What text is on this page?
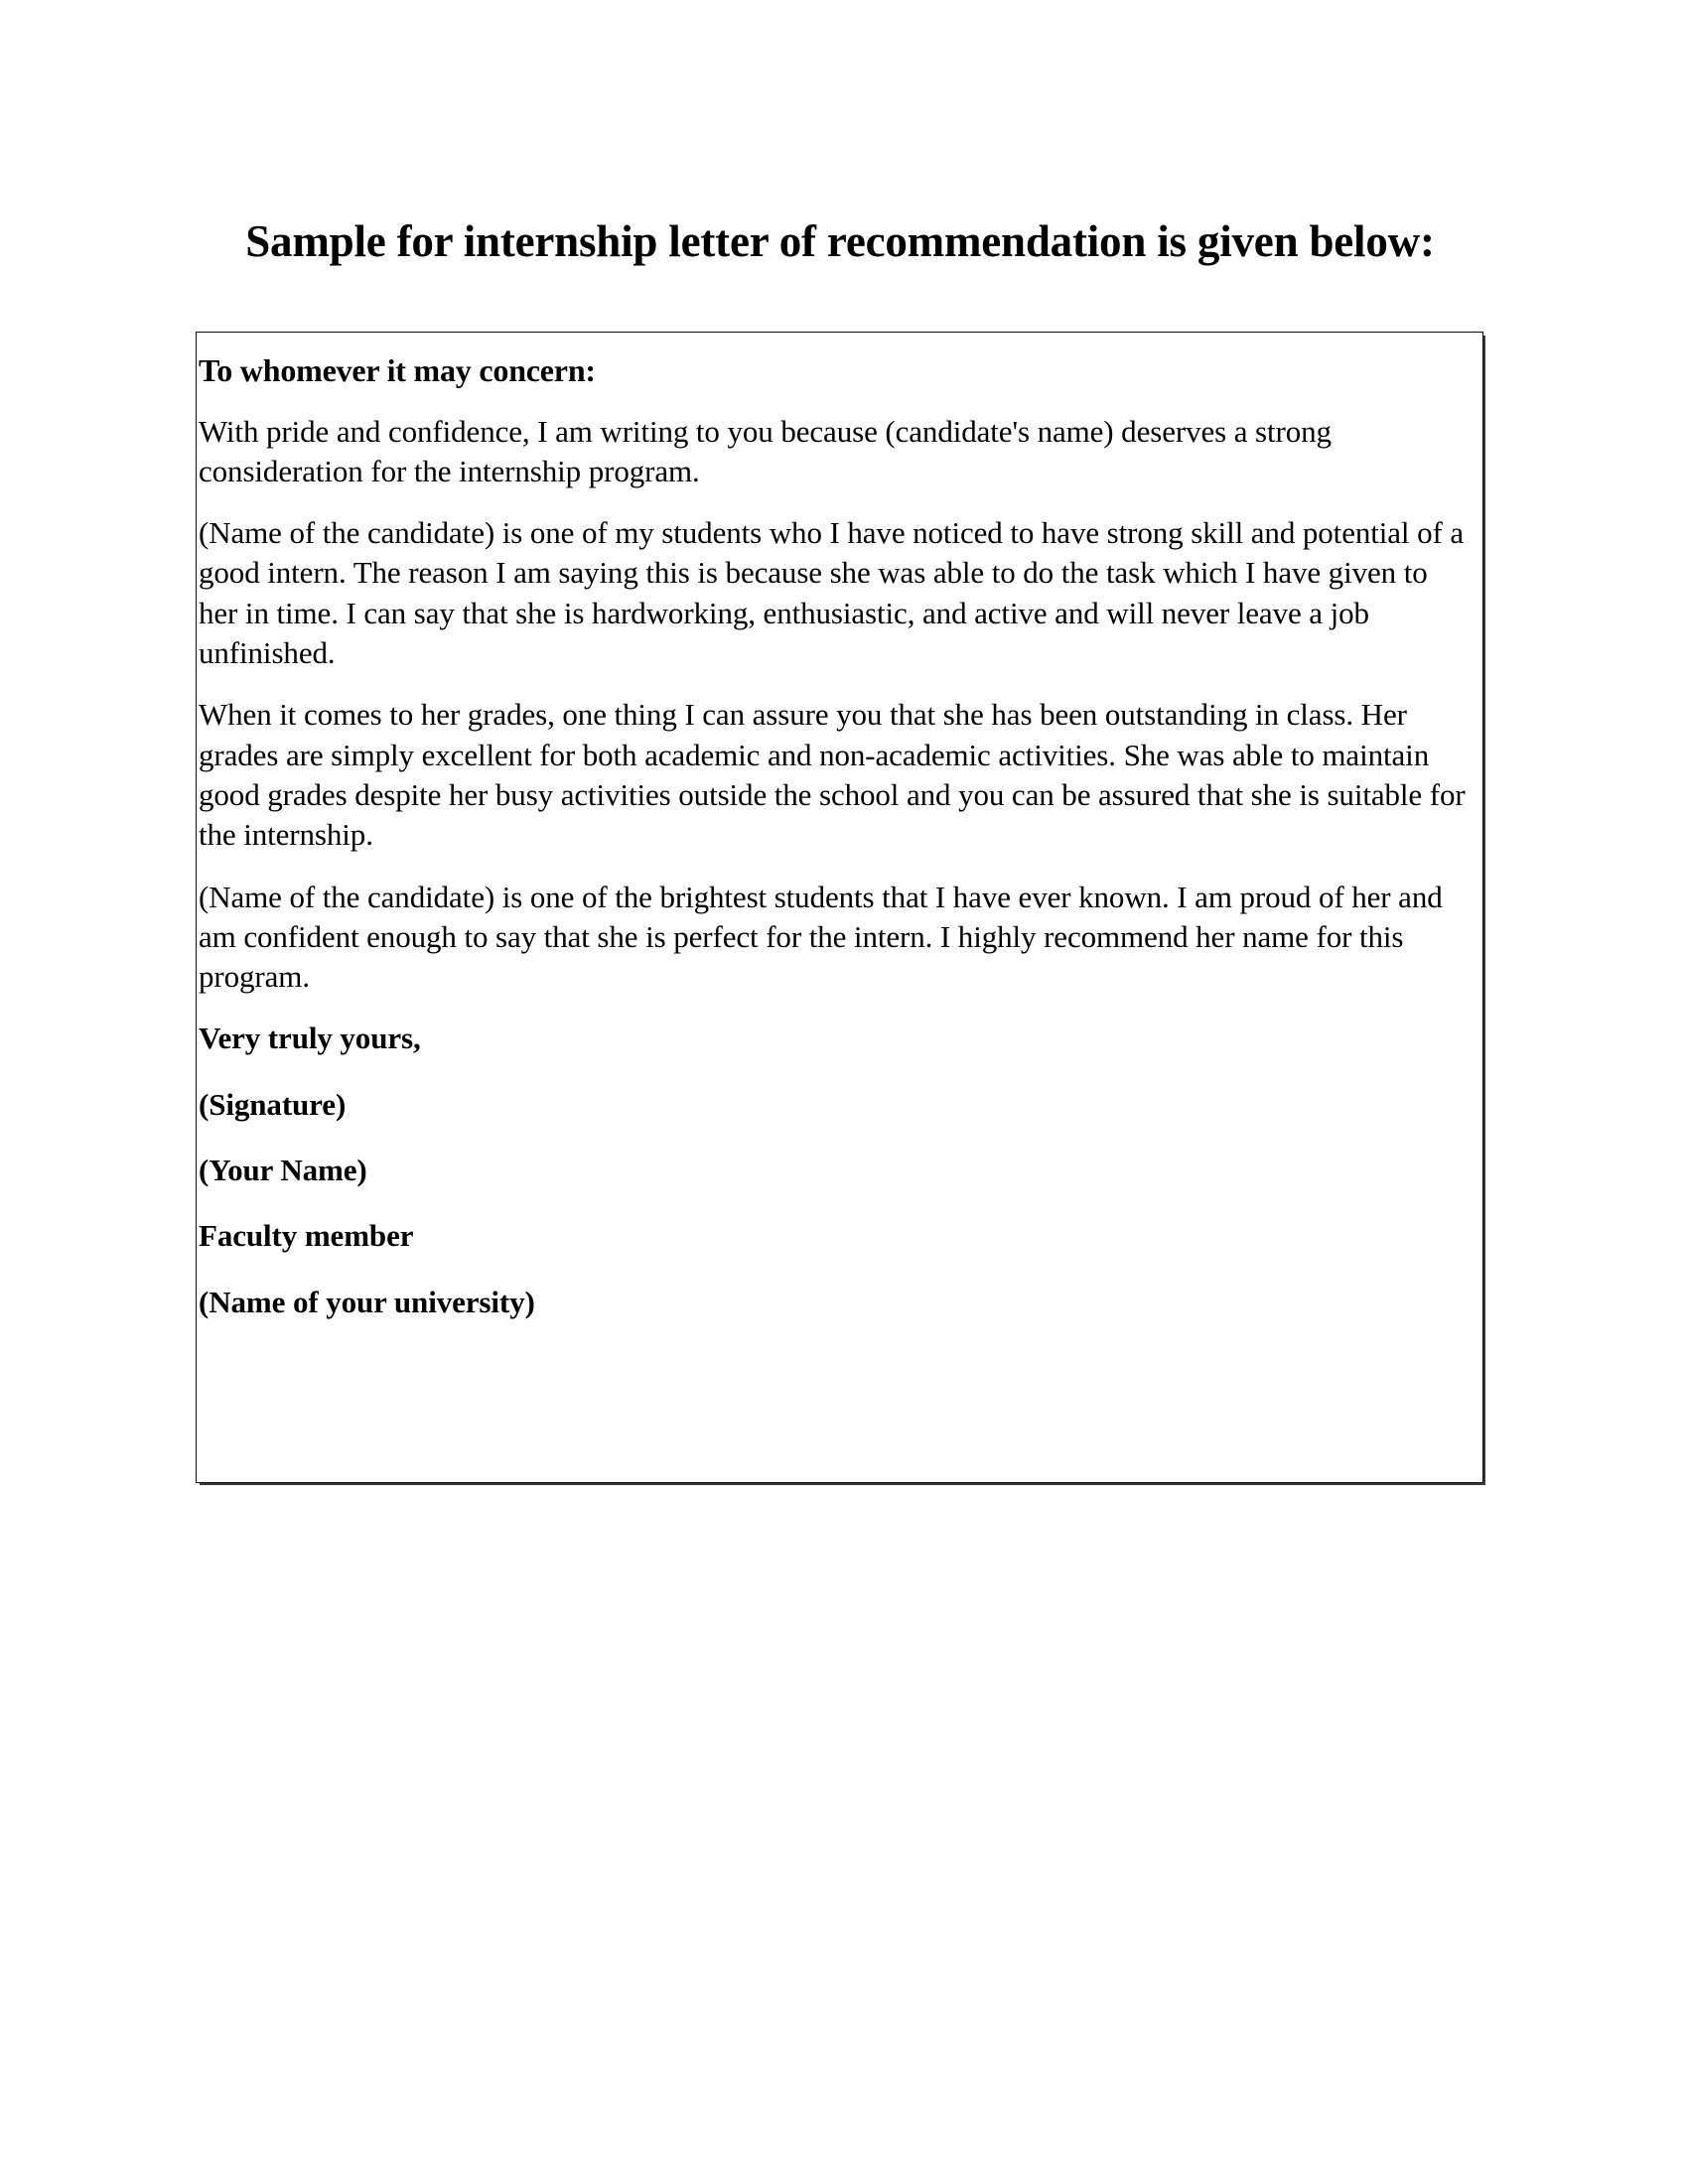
Sample for internship letter of recommendation is given below:
To whomever it may concern:

With pride and confidence, I am writing to you because (candidate's name) deserves a strong consideration for the internship program.

(Name of the candidate) is one of my students who I have noticed to have strong skill and potential of a good intern. The reason I am saying this is because she was able to do the task which I have given to her in time. I can say that she is hardworking, enthusiastic, and active and will never leave a job unfinished.

When it comes to her grades, one thing I can assure you that she has been outstanding in class. Her grades are simply excellent for both academic and non-academic activities. She was able to maintain good grades despite her busy activities outside the school and you can be assured that she is suitable for the internship.

(Name of the candidate) is one of the brightest students that I have ever known. I am proud of her and am confident enough to say that she is perfect for the intern. I highly recommend her name for this program.

Very truly yours,
(Signature)
(Your Name)
Faculty member
(Name of your university)
